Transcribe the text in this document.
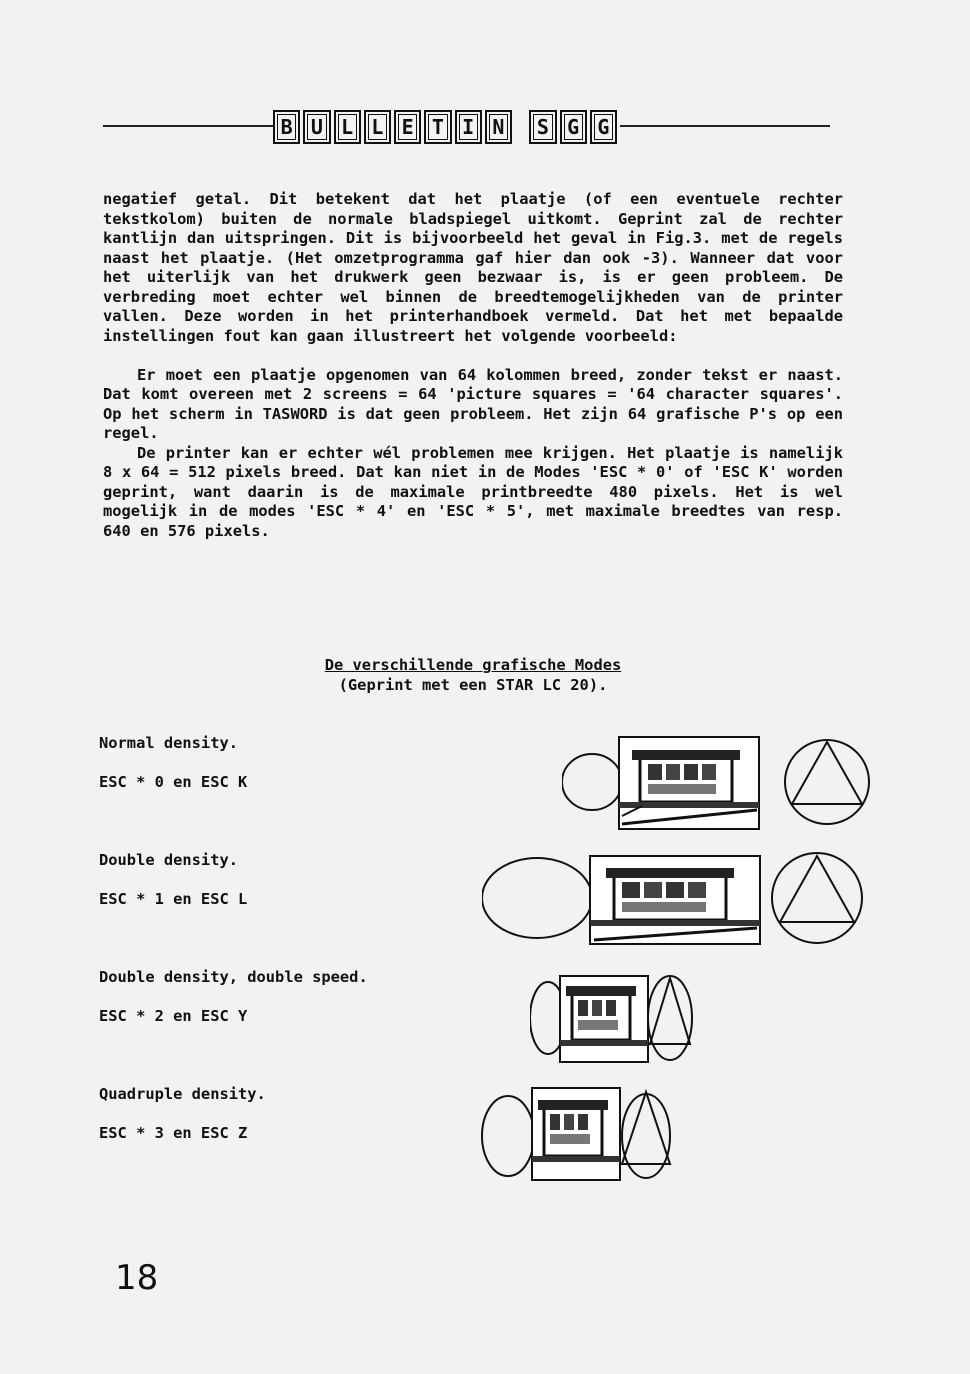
B U L L E T I N	S G G

negatief getal. Dit betekent dat het plaatje (of een eventuele rechter tekstkolom) buiten de normale bladspiegel uitkomt. Geprint zal de rechter kantlijn dan uitspringen. Dit is bijvoorbeeld het geval in Fig.3. met de regels naast het plaatje. (Het omzetprogramma gaf hier dan ook -3). Wanneer dat voor het uiterlijk van het drukwerk geen bezwaar is, is er geen probleem. De verbreding moet echter wel binnen de breedtemogelijkheden van de printer vallen. Deze worden in het printerhandboek vermeld. Dat het met bepaalde instellingen fout kan gaan illustreert het volgende voorbeeld:

Er moet een plaatje opgenomen van 64 kolommen breed, zonder tekst er naast. Dat komt overeen met 2 screens = 64 'picture squares = '64 character squares'. Op het scherm in TASWORD is dat geen probleem. Het zijn 64 grafische P's op een regel.

De printer kan er echter wél problemen mee krijgen. Het plaatje is namelijk 8 x 64 = 512 pixels breed. Dat kan niet in de Modes 'ESC * 0' of 'ESC K' worden geprint, want daarin is de maximale printbreedte 480 pixels. Het is wel mogelijk in de modes 'ESC * 4' en 'ESC * 5', met maximale breedtes van resp. 640 en 576 pixels.

De verschillende grafische Modes
(Geprint met een STAR LC 20).
Normal density.
ESC * 0 en ESC K
Double density.
ESC * 1 en ESC L
Double density, double speed.
ESC * 2 en ESC Y
Quadruple density.
ESC * 3 en ESC Z
18
